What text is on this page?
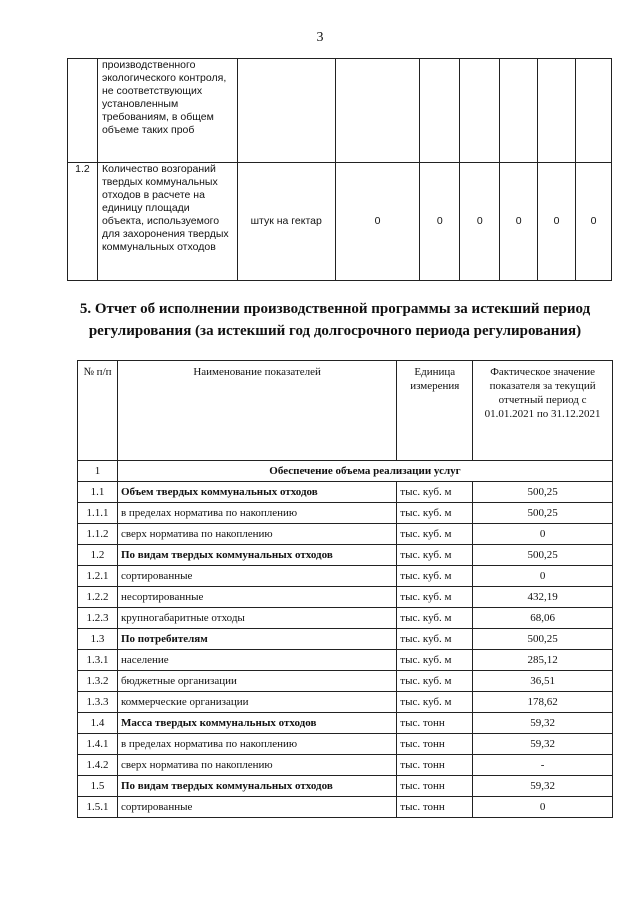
3
	производственного экологического контроля, не соответствующих установленным требованиям, в общем объеме таких проб							
1.2	Количество возгораний твердых коммунальных отходов в расчете на единицу площади объекта, используемого для захоронения твердых коммунальных отходов	штук на гектар	0	0	0	0	0	0
5. Отчет об исполнении производственной программы за истекший период регулирования (за истекший год долгосрочного периода регулирования)
№ п/п	Наименование показателей	Единица измерения	Фактическое значение показателя за текущий отчетный период с 01.01.2021 по 31.12.2021
1	Обеспечение объема реализации услуг		
1.1	Объем твердых коммунальных отходов	тыс. куб. м	500,25
1.1.1	в пределах норматива по накоплению	тыс. куб. м	500,25
1.1.2	сверх норматива по накоплению	тыс. куб. м	0
1.2	По видам твердых коммунальных отходов	тыс. куб. м	500,25
1.2.1	сортированные	тыс. куб. м	0
1.2.2	несортированные	тыс. куб. м	432,19
1.2.3	крупногабаритные отходы	тыс. куб. м	68,06
1.3	По потребителям	тыс. куб. м	500,25
1.3.1	население	тыс. куб. м	285,12
1.3.2	бюджетные организации	тыс. куб. м	36,51
1.3.3	коммерческие организации	тыс. куб. м	178,62
1.4	Масса твердых коммунальных отходов	тыс. тонн	59,32
1.4.1	в пределах норматива по накоплению	тыс. тонн	59,32
1.4.2	сверх норматива по накоплению	тыс. тонн	-
1.5	По видам твердых коммунальных отходов	тыс. тонн	59,32
1.5.1	сортированные	тыс. тонн	0
